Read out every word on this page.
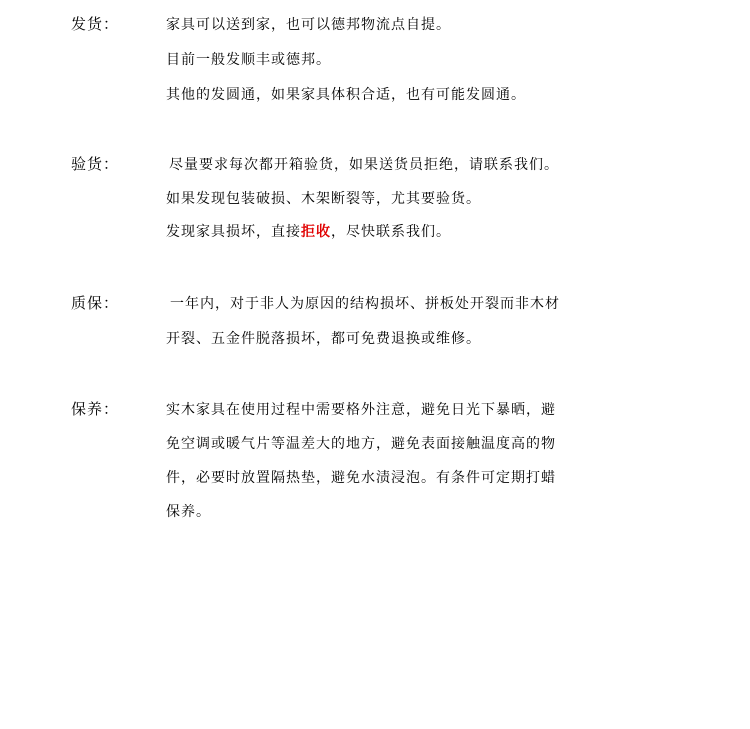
发货：	家具可以送到家，也可以德邦物流点自提。
目前一般发顺丰或德邦。
其他的发圆通，如果家具体积合适，也有可能发圆通。
验货：	尽量要求每次都开箱验货，如果送货员拒绝，请联系我们。
如果发现包装破损、木架断裂等，尤其要验货。
发现家具损坏，直接拒收，尽快联系我们。
质保：	一年内，对于非人为原因的结构损坏、拼板处开裂而非木材
开裂、五金件脱落损坏，都可免费退换或维修。
保养：	实木家具在使用过程中需要格外注意，避免日光下暴晒，避
免空调或暖气片等温差大的地方，避免表面接触温度高的物
件，必要时放置隔热垫，避免水渍浸泡。有条件可定期打蜡
保养。
